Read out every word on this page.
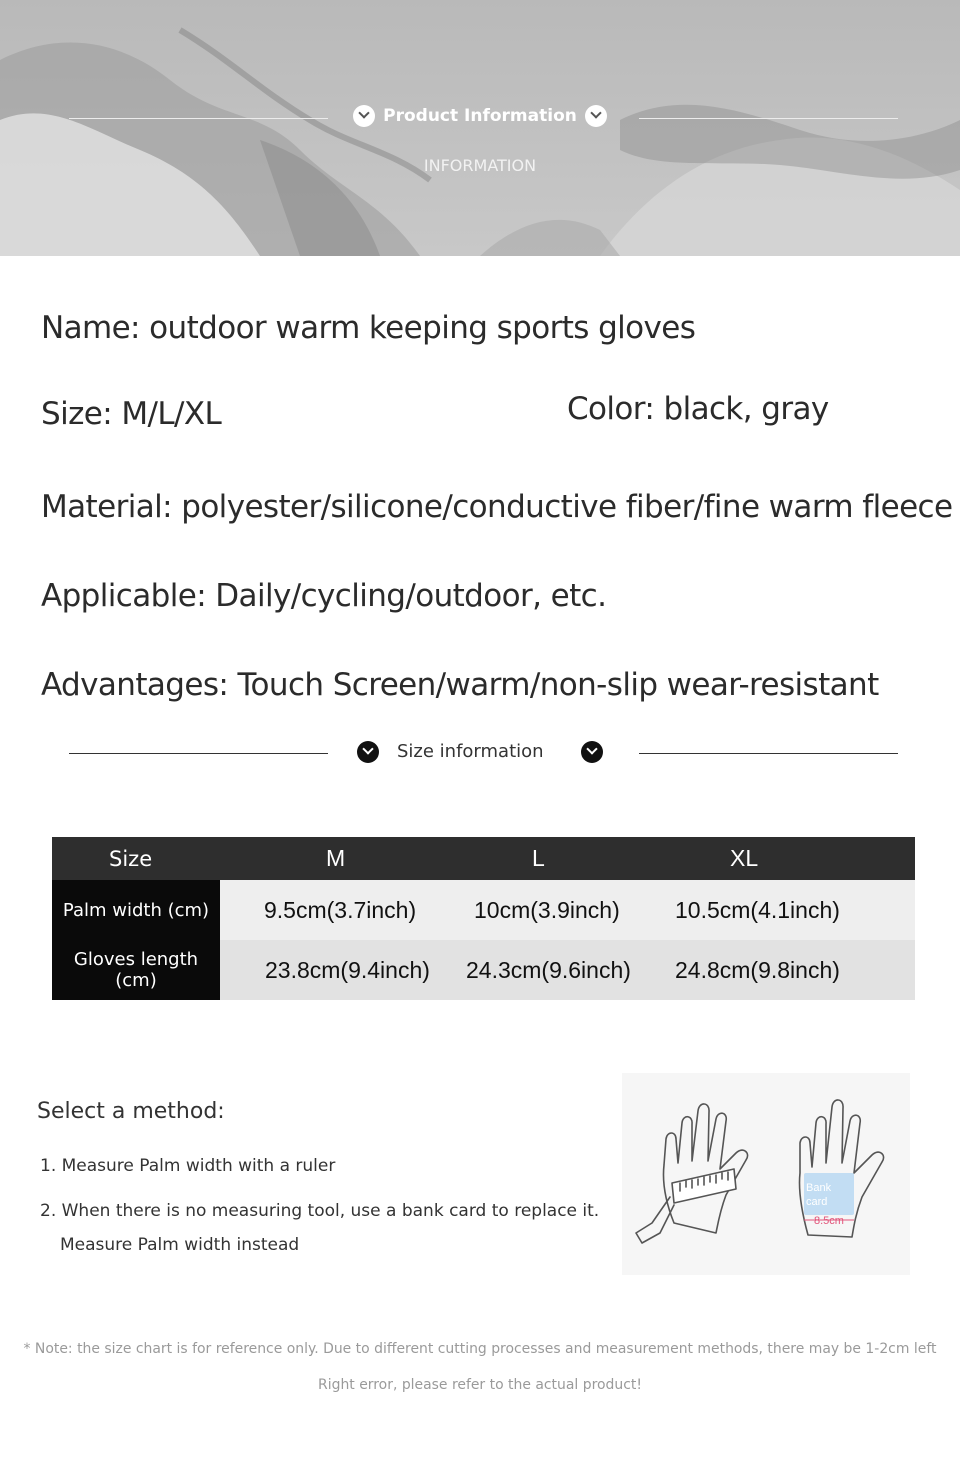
Product Information
INFORMATION
Name: outdoor warm keeping sports gloves
Size: M/L/XL	Color: black, gray
Material: polyester/silicone/conductive fiber/fine warm fleece
Applicable: Daily/cycling/outdoor, etc.
Advantages: Touch Screen/warm/non-slip wear-resistant
Size information
Size	M	L	XL
Palm width (cm)	9.5cm(3.7inch)	10cm(3.9inch)	10.5cm(4.1inch)
Gloves length (cm)	23.8cm(9.4inch)	24.3cm(9.6inch)	24.8cm(9.8inch)
Select a method:
1. Measure Palm width with a ruler
2. When there is no measuring tool, use a bank card to replace it.
Measure Palm width instead
Bank
card
8.5cm
* Note: the size chart is for reference only. Due to different cutting processes and measurement methods, there may be 1-2cm left
Right error, please refer to the actual product!
